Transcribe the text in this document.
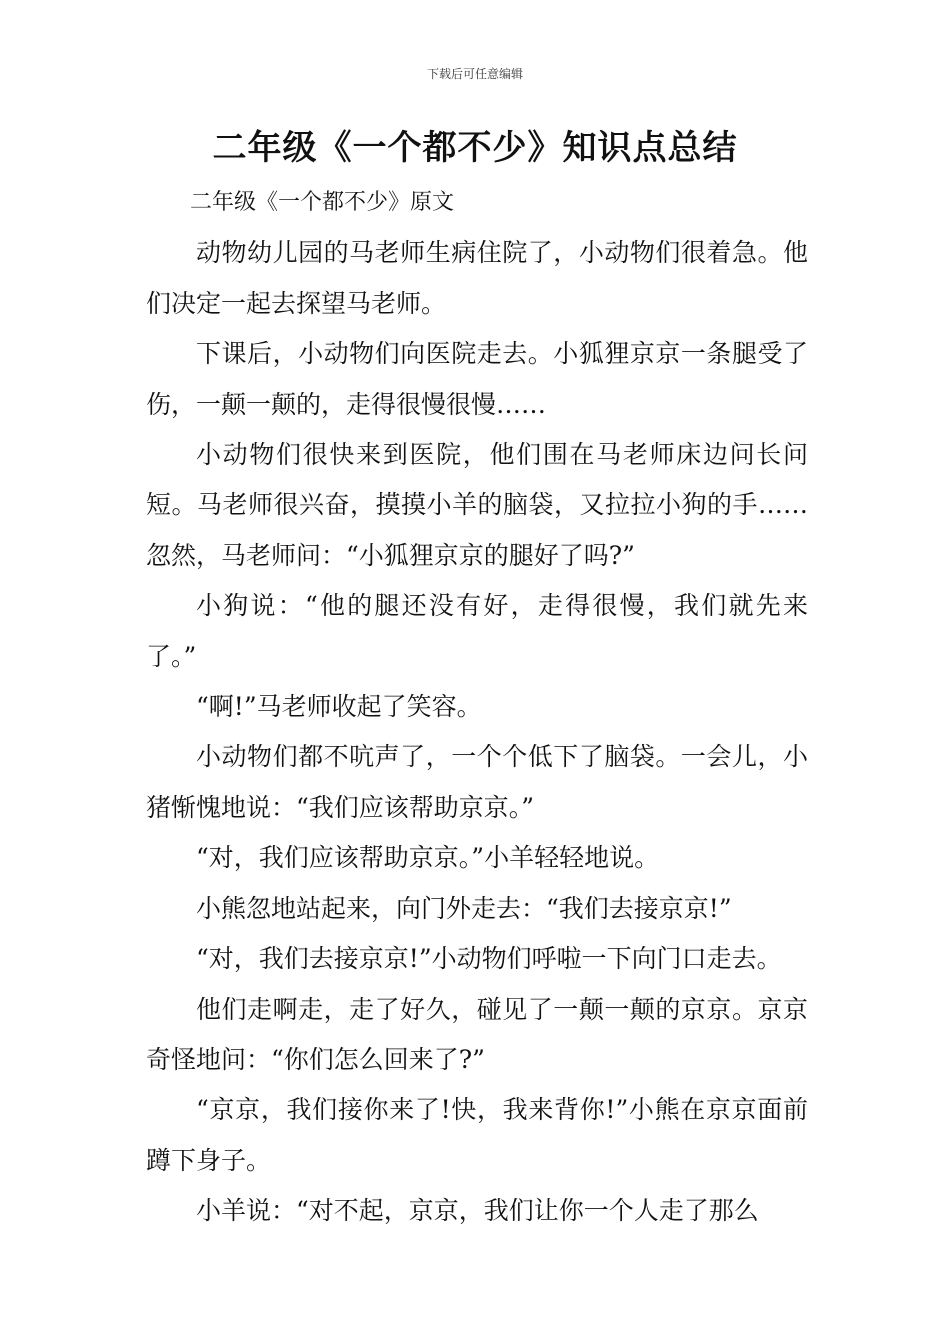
下载后可任意编辑
二年级《一个都不少》知识点总结

二年级《一个都不少》原文

动物幼儿园的马老师生病住院了，小动物们很着急。他们决定一起去探望马老师。

下课后，小动物们向医院走去。小狐狸京京一条腿受了伤，一颠一颠的，走得很慢很慢……

小动物们很快来到医院，他们围在马老师床边问长问短。马老师很兴奋，摸摸小羊的脑袋，又拉拉小狗的手……忽然，马老师问：“小狐狸京京的腿好了吗?”

小狗说：“他的腿还没有好，走得很慢，我们就先来了。”

“啊!”马老师收起了笑容。

小动物们都不吭声了，一个个低下了脑袋。一会儿，小猪惭愧地说：“我们应该帮助京京。”

“对，我们应该帮助京京。”小羊轻轻地说。

小熊忽地站起来，向门外走去：“我们去接京京!”

“对，我们去接京京!”小动物们呼啦一下向门口走去。

他们走啊走，走了好久，碰见了一颠一颠的京京。京京奇怪地问：“你们怎么回来了?”

“京京，我们接你来了!快，我来背你!”小熊在京京面前蹲下身子。

小羊说：“对不起，京京，我们让你一个人走了那么
